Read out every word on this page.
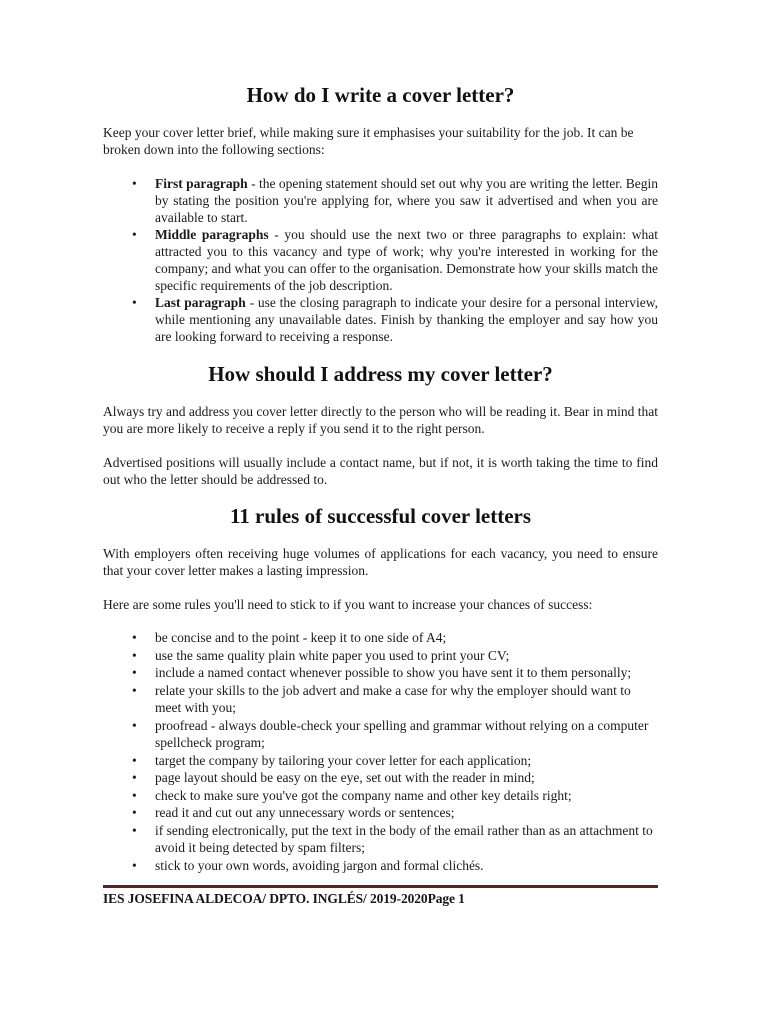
How do I write a cover letter?

Keep your cover letter brief, while making sure it emphasises your suitability for the job. It can be broken down into the following sections:

• First paragraph - the opening statement should set out why you are writing the letter. Begin by stating the position you're applying for, where you saw it advertised and when you are available to start.
• Middle paragraphs - you should use the next two or three paragraphs to explain: what attracted you to this vacancy and type of work; why you're interested in working for the company; and what you can offer to the organisation. Demonstrate how your skills match the specific requirements of the job description.
• Last paragraph - use the closing paragraph to indicate your desire for a personal interview, while mentioning any unavailable dates. Finish by thanking the employer and say how you are looking forward to receiving a response.
How should I address my cover letter?

Always try and address you cover letter directly to the person who will be reading it. Bear in mind that you are more likely to receive a reply if you send it to the right person.

Advertised positions will usually include a contact name, but if not, it is worth taking the time to find out who the letter should be addressed to.

11 rules of successful cover letters

With employers often receiving huge volumes of applications for each vacancy, you need to ensure that your cover letter makes a lasting impression.

Here are some rules you'll need to stick to if you want to increase your chances of success:

• be concise and to the point - keep it to one side of A4;
• use the same quality plain white paper you used to print your CV;
• include a named contact whenever possible to show you have sent it to them personally;
• relate your skills to the job advert and make a case for why the employer should want to meet with you;
• proofread - always double-check your spelling and grammar without relying on a computer spellcheck program;
• target the company by tailoring your cover letter for each application;
• page layout should be easy on the eye, set out with the reader in mind;
• check to make sure you've got the company name and other key details right;
• read it and cut out any unnecessary words or sentences;
• if sending electronically, put the text in the body of the email rather than as an attachment to avoid it being detected by spam filters;
• stick to your own words, avoiding jargon and formal clichés.
IES JOSEFINA ALDECOA/ DPTO. INGLÉS/ 2019-2020Page 1
